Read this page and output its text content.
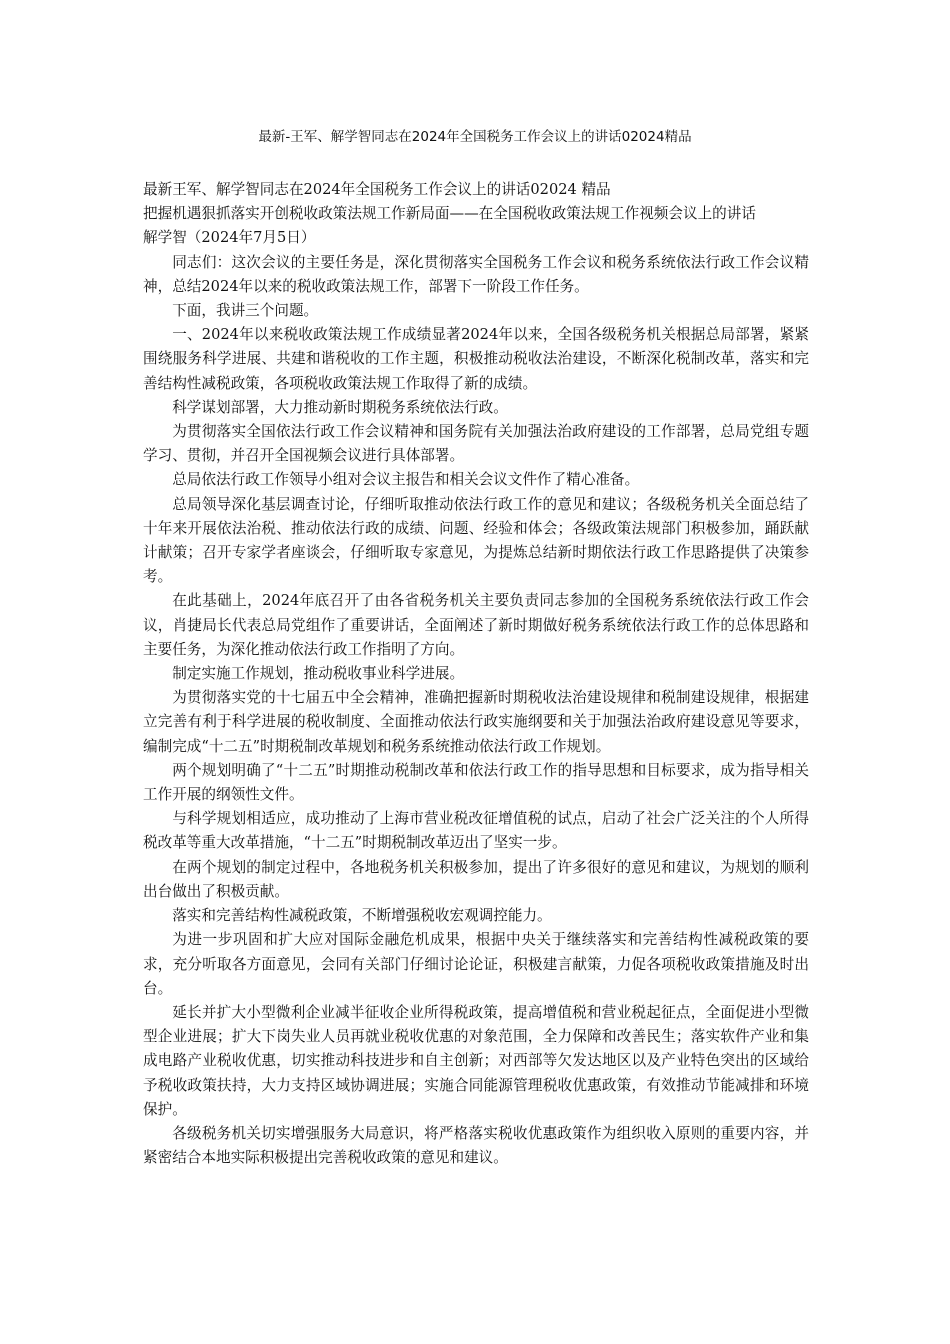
最新-王军、解学智同志在2024年全国税务工作会议上的讲话02024精品

最新王军、解学智同志在2024年全国税务工作会议上的讲话02024 精品

把握机遇狠抓落实开创税收政策法规工作新局面——在全国税收政策法规工作视频会议上的讲话

解学智（2024年7月5日）

同志们：这次会议的主要任务是，深化贯彻落实全国税务工作会议和税务系统依法行政工作会议精神，总结2024年以来的税收政策法规工作，部署下一阶段工作任务。

下面，我讲三个问题。

一、2024年以来税收政策法规工作成绩显著2024年以来，全国各级税务机关根据总局部署，紧紧围绕服务科学进展、共建和谐税收的工作主题，积极推动税收法治建设，不断深化税制改革，落实和完善结构性减税政策，各项税收政策法规工作取得了新的成绩。

科学谋划部署，大力推动新时期税务系统依法行政。

为贯彻落实全国依法行政工作会议精神和国务院有关加强法治政府建设的工作部署，总局党组专题学习、贯彻，并召开全国视频会议进行具体部署。

总局依法行政工作领导小组对会议主报告和相关会议文件作了精心准备。

总局领导深化基层调查讨论，仔细听取推动依法行政工作的意见和建议；各级税务机关全面总结了十年来开展依法治税、推动依法行政的成绩、问题、经验和体会；各级政策法规部门积极参加，踊跃献计献策；召开专家学者座谈会，仔细听取专家意见，为提炼总结新时期依法行政工作思路提供了决策参考。

在此基础上，2024年底召开了由各省税务机关主要负责同志参加的全国税务系统依法行政工作会议，肖捷局长代表总局党组作了重要讲话，全面阐述了新时期做好税务系统依法行政工作的总体思路和主要任务，为深化推动依法行政工作指明了方向。

制定实施工作规划，推动税收事业科学进展。

为贯彻落实党的十七届五中全会精神，准确把握新时期税收法治建设规律和税制建设规律，根据建立完善有利于科学进展的税收制度、全面推动依法行政实施纲要和关于加强法治政府建设意见等要求，编制完成“十二五”时期税制改革规划和税务系统推动依法行政工作规划。

两个规划明确了“十二五”时期推动税制改革和依法行政工作的指导思想和目标要求，成为指导相关工作开展的纲领性文件。

与科学规划相适应，成功推动了上海市营业税改征增值税的试点，启动了社会广泛关注的个人所得税改革等重大改革措施，“十二五”时期税制改革迈出了坚实一步。

在两个规划的制定过程中，各地税务机关积极参加，提出了许多很好的意见和建议，为规划的顺利出台做出了积极贡献。

落实和完善结构性减税政策，不断增强税收宏观调控能力。

为进一步巩固和扩大应对国际金融危机成果，根据中央关于继续落实和完善结构性减税政策的要求，充分听取各方面意见，会同有关部门仔细讨论论证，积极建言献策，力促各项税收政策措施及时出台。

延长并扩大小型微利企业减半征收企业所得税政策，提高增值税和营业税起征点，全面促进小型微型企业进展；扩大下岗失业人员再就业税收优惠的对象范围，全力保障和改善民生；落实软件产业和集成电路产业税收优惠，切实推动科技进步和自主创新；对西部等欠发达地区以及产业特色突出的区域给予税收政策扶持，大力支持区域协调进展；实施合同能源管理税收优惠政策，有效推动节能减排和环境保护。

各级税务机关切实增强服务大局意识，将严格落实税收优惠政策作为组织收入原则的重要内容，并紧密结合本地实际积极提出完善税收政策的意见和建议。
